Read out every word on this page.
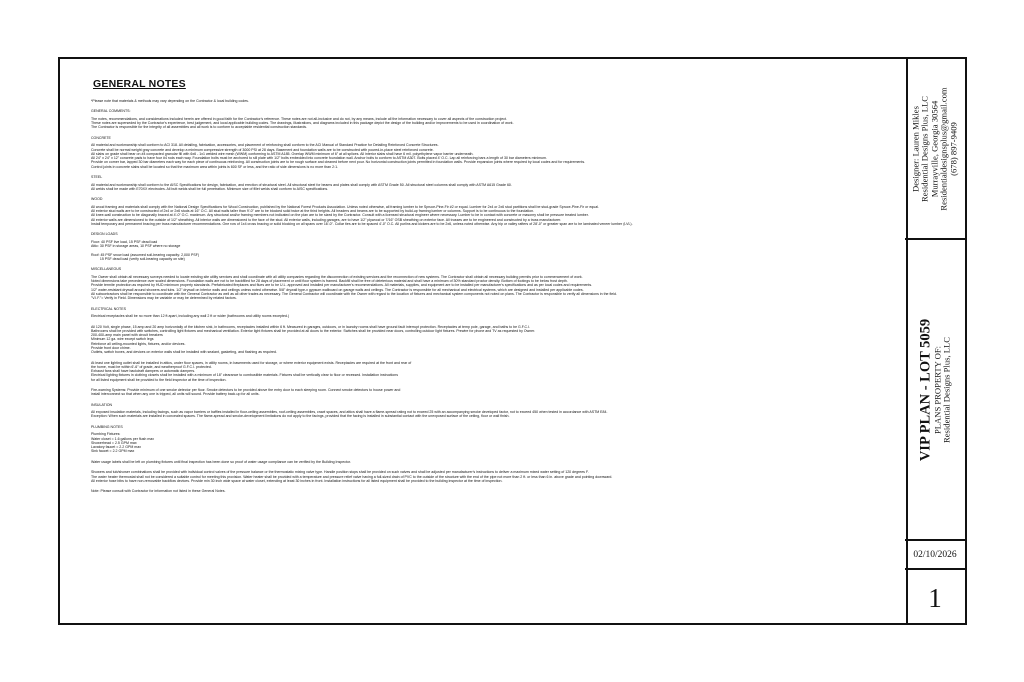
GENERAL NOTES

*Please note that materials & methods may vary depending on the Contractor & local building codes.

GENERAL COMMENTS:

The notes, recommendations, and considerations included herein are offered in good faith for the Contractor's reference. These notes are not all-inclusive and do not, by any means, include all the information necessary to cover all aspects of the construction project.

These notes are superseded by the Contractor's experience, best judgement, and local applicable building codes. The drawings, illustrations, and diagrams included in this package depict the design of the building and/or improvements to be used in coordination of work.

The Contractor is responsible for the integrity of all assemblies and all work is to conform to acceptable residential construction standards.

CONCRETE

All material and workmanship shall conform to ACI 318. All detailing, fabrication, accessories, and placement of reinforcing shall conform to the ACI Manual of Standard Practice for Detailing Reinforced Concrete Structures.

Concrete shall be normal weight gray concrete and develop a minimum compressive strength of 3000 PSI at 28 days. Basement and foundation walls are to be constructed with poured-in-place steel reinforced concrete.

All slabs on grade shall bear on #4 compacted granular fill with 6x6 - 1x1 welded wire mesh (WWM) conforming to ASTM A185. Overlap WWM minimum of 6" at all splices. All interior slabs shall have 6 mil. polyethylene vapor barrier underneath.

All 24" x 24" x 12" concrete pads to have four #4 rods each way. Foundation bolts must be anchored to sill plate with 1/2" bolts embedded into concrete foundation wall. Anchor bolts to conform to ASTM A307. Bolts placed 4' O.C. Lap all reinforcing bars a length of 30 bar diameters minimum.

Provide on corner bar, lapped 30 bar diameters each way for each piece of continuous reinforcing. All construction joints are to be rough surface and cleaned before next pour. No horizontal construction joints permitted in foundation walls. Provide expansion joints where required by local codes and for requirements.

Control joints in concrete slabs shall be located so that the maximum area within joints is 600 SF or less, and the ratio of side dimensions is no more than 2:1.

STEEL

All material and workmanship shall conform to the AISC Specifications for design, fabrication, and erection of structural steel. All structural steel for beams and plates shall comply with ASTM Grade 50. All structural steel columns shall comply with ASTM A615 Grade 60.

All welds shall be made with E70XX electrodes. All butt welds shall be full penetration. Minimum size of fillet welds shall conform to AISC specifications.

WOOD

All wood framing and materials shall comply with the National Design Specifications for Wood Construction, published by the National Forest Products Association. Unless noted otherwise, all framing lumber to be Spruce-Pine-Fir #2 or equal. Lumber for 2x4 or 2x6 stud partitions shall be stud-grade Spruce-Pine-Fir or equal.

All exterior stud walls are to be constructed of 2x4 or 2x6 studs at 16" O.C. All stud walls taller than 9'-0" are to be blocked solid twice at the third heights. All headers and beams are to be supported by build-up framing lumber or columns. Support is to be continuous to the foundation.

All knee-wall construction to be diagonally braced at 4'-0" O.C. maximum. Any structural and/or framing members not indicated on the plan are to be sized by the Contractor. Consult with a licensed structural engineer where necessary. Lumber to be in contact with concrete or masonry shall be pressure treated lumber.

All exterior walls are dimensioned to the outside of 1/2" sheathing. All interior walls are dimensioned to the face of the stud. All exterior walls, including garages, are to have 1/2" plywood or 7/16" OSB sheathing on exterior face. All trusses are to be engineered and constructed by a truss manufacturer.

Install temporary and permanent bracing per truss manufacturer recommendations. One row of 1x4 cross bracing or solid blocking on all spans over 16'-0". Collar ties are to be spaced 4'-0" O.C. All purlins and kickers are to be 2x6, unless noted otherwise. Any hip or valley rafters of 28'-0" or greater span are to be laminated veneer lumber (LVL).

DESIGN LOADS

Floor: 40 PSF live load, 15 PSF dead load

Attic: 30 PSF in storage areas, 10 PSF where no storage

Roof: 45 PSF snow load (assumed soil-bearing capacity: 2,000 PSF)

15 PSF dead load (verify soil-bearing capacity on site)

MISCELLANEOUS

The Owner shall obtain all necessary surveys needed to locate existing site utility services and shall coordinate with all utility companies regarding the disconnection of existing services and the reconnection of new systems. The Contractor shall obtain all necessary building permits prior to commencement of work.

Noted dimensions take precedence over scaled dimensions. Foundation walls are not to be backfilled for 28 days of placement or until floor system is framed. Backfill shall be free of deleterious material and shall have a minimum of 30% standard proctor density. Bottom of footings to be below frost depth.

Provide termite protection as required by HUD minimum property standards. Prefabricated fireplaces and flues are to be U.L. approved and installed per manufacturer's recommendations. All materials, supplies, and equipment are to be installed per manufacturer's specifications and as per local codes and requirements.

1/2" water-resistant drywall around showers and tubs. 1/2" drywall on interior walls and ceilings unless noted otherwise. 5/8" drywall type-x gypsum wallboard on garage walls and ceilings. The Contractor is responsible for all mechanical and electrical systems, which are designed and installed per applicable codes.

All subcontractors shall be responsible to coordinate with the General Contractor as well as all other trades as necessary. The General Contractor will coordinate with the Owner with regard to the location of fixtures and mechanical system components not noted on plans. The Contractor is responsible to verify all dimensions in the field.

"V.I.F."= Verify in Field. Dimensions may be variable or may be determined by related factors.

ELECTRICAL NOTES

Electrical receptacles shall be no more than 12 ft apart, including any wall 2 ft or wider (bathrooms and utility rooms excepted.)

All 120 Volt, single phase, 15 amp and 20 amp horizontally of the kitchen sink, in bathrooms, receptacles installed within 6 ft. Measured in garages, outdoors, or in laundry rooms shall have ground fault interrupt protection. Receptacles at temp pole, garage, and baths to be G.F.C.I.

Bathrooms shall be provided with switches, controlling light fixtures and mechanical ventilation. Exterior light fixtures shall be provided at all doors to the exterior. Switches shall be provided near doors, controlling outdoor light fixtures. Prewire for phone and TV as requested by Owner.

200-400-amp main panel with circuit breakers

Minimum 12 ga. wire except switch legs

Reinforce all ceiling-mounted lights, fixtures, and/or devices.

Provide front door chime.

Outlets, switch boxes, and devices on exterior walls shall be installed with sealant, gasketing, and flashing as required.

At least one lighting outlet shall be installed in attics, under floor spaces, in utility rooms, in basements used for storage, or where exterior equipment exists. Receptacles are required at the front and rear of

the home, must be within 6'-6" of grade, and weatherproof G.F.C.I. protected.

Exhaust fans shall have backdraft dampers or automatic dampers.

Electrical lighting fixtures in clothing closets shall be installed with a minimum of 18" clearance to combustible materials. Fixtures shall be vertically clear to floor or recessed. Installation instructions

for all listed equipment shall be provided to the field inspector at the time of inspection.

Fire-warning Systems: Provide minimum of one smoke detector per floor. Smoke detectors to be provided above the entry door to each sleeping room. Connect smoke detectors to house power and

install interconnect so that when any one is tripped, all units will sound. Provide battery back-up for all units.

INSULATION

All exposed insulation materials, including facings, such as vapor barriers or baffles installed in floor-ceiling assemblies, roof-ceiling assemblies, crawl spaces, and attics shall have a flame-spread rating not to exceed 25 with an accompanying smoke developed factor, not to exceed 450 when tested in accordance with ASTM E84.

Exception: When such materials are installed in concealed spaces. The flame-spread and smoke-development limitations do not apply to the facings, provided that the facing is installed in substantial contact with the unexposed surface of the ceiling, floor or wall finish.

PLUMBING NOTES

Plumbing Fixtures:

Water closet = 1.6 gallons per flush max

Showerhead = 2.5 GPM max

Lavatory faucet = 2.2 GPM max

Sink faucet = 2.2 GPM max

Water usage labels shall be left on plumbing fixtures until final inspection has been done so proof of water usage compliance can be verified by the Building Inspector.

Showers and tub/shower combinations shall be provided with individual control valves of the pressure balance or the thermostatic mixing valve type. Handle position stops shall be provided on such valves and shall be adjusted per manufacturer's instructions to deliver a maximum mixed water setting of 120 degrees F.

The water heater thermostat shall not be considered a suitable control for meeting this provision. Water heater shall be provided with a temperature and pressure relief valve having a full-sized drain of PVC to the outside of the structure with the end of the pipe not more than 2 ft. or less than 6 in. above grade and pointing downward.

All exterior hose bibs to have non-removable backflow devices. Provide min 30 inch wide space at water closet, extending at least 30 inches in front. Installation instructions for all listed equipment shall be provided to the building inspector at the time of inspection.

Note: Please consult with Contractor for information not listed in these General Notes.

Designer: Lauren Mikles Residential Designs Plus, LLC Murrayville, Georgia 30564 Residentialdesignsplus@gmail.com (678) 897-9409
VIP PLAN - LOT 5059 PLANS PROPERTY OF: Residential Designs Plus, LLC
02/10/2026
1
